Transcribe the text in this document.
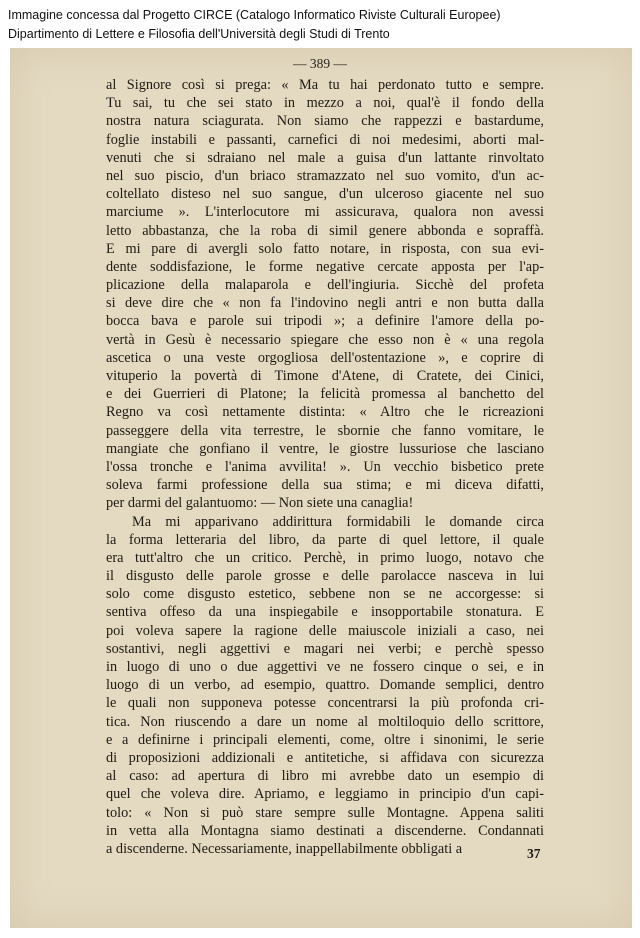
Immagine concessa dal Progetto CIRCE (Catalogo Informatico Riviste Culturali Europee)
Dipartimento di Lettere e Filosofia dell'Università degli Studi di Trento
— 389 —
al Signore così si prega: « Ma tu hai perdonato tutto e sempre.
Tu sai, tu che sei stato in mezzo a noi, qual'è il fondo della
nostra natura sciagurata. Non siamo che rappezzi e bastardume,
foglie instabili e passanti, carnefici di noi medesimi, aborti mal-
venuti che si sdraiano nel male a guisa d'un lattante rinvoltato
nel suo piscio, d'un briaco stramazzato nel suo vomito, d'un ac-
coltellato disteso nel suo sangue, d'un ulceroso giacente nel suo
marciume ». L'interlocutore mi assicurava, qualora non avessi
letto abbastanza, che la roba di simil genere abbonda e sopraffà.
E mi pare di avergli solo fatto notare, in risposta, con sua evi-
dente soddisfazione, le forme negative cercate apposta per l'ap-
plicazione della malaparola e dell'ingiuria. Sicchè del profeta
si deve dire che « non fa l'indovino negli antri e non butta dalla
bocca bava e parole sui tripodi »; a definire l'amore della po-
vertà in Gesù è necessario spiegare che esso non è « una regola
ascetica o una veste orgogliosa dell'ostentazione », e coprire di
vituperio la povertà di Timone d'Atene, di Cratete, dei Cinici,
e dei Guerrieri di Platone; la felicità promessa al banchetto del
Regno va così nettamente distinta: « Altro che le ricreazioni
passeggere della vita terrestre, le sbornie che fanno vomitare, le
mangiate che gonfiano il ventre, le giostre lussuriose che lasciano
l'ossa tronche e l'anima avvilita! ». Un vecchio bisbetico prete
soleva farmi professione della sua stima; e mi diceva difatti,
per darmi del galantuomo: — Non siete una canaglia!
Ma mi apparivano addirittura formidabili le domande circa
la forma letteraria del libro, da parte di quel lettore, il quale
era tutt'altro che un critico. Perchè, in primo luogo, notavo che
il disgusto delle parole grosse e delle parolacce nasceva in lui
solo come disgusto estetico, sebbene non se ne accorgesse: si
sentiva offeso da una inspiegabile e insopportabile stonatura. E
poi voleva sapere la ragione delle maiuscole iniziali a caso, nei
sostantivi, negli aggettivi e magari nei verbi; e perchè spesso
in luogo di uno o due aggettivi ve ne fossero cinque o sei, e in
luogo di un verbo, ad esempio, quattro. Domande semplici, dentro
le quali non supponeva potesse concentrarsi la più profonda cri-
tica. Non riuscendo a dare un nome al moltiloquio dello scrittore,
e a definirne i principali elementi, come, oltre i sinonimi, le serie
di proposizioni addizionali e antitetiche, si affidava con sicurezza
al caso: ad apertura di libro mi avrebbe dato un esempio di
quel che voleva dire. Apriamo, e leggiamo in principio d'un capi-
tolo: « Non si può stare sempre sulle Montagne. Appena saliti
in vetta alla Montagna siamo destinati a discenderne. Condannati
a discenderne. Necessariamente, inappellabilmente obbligati a	37
